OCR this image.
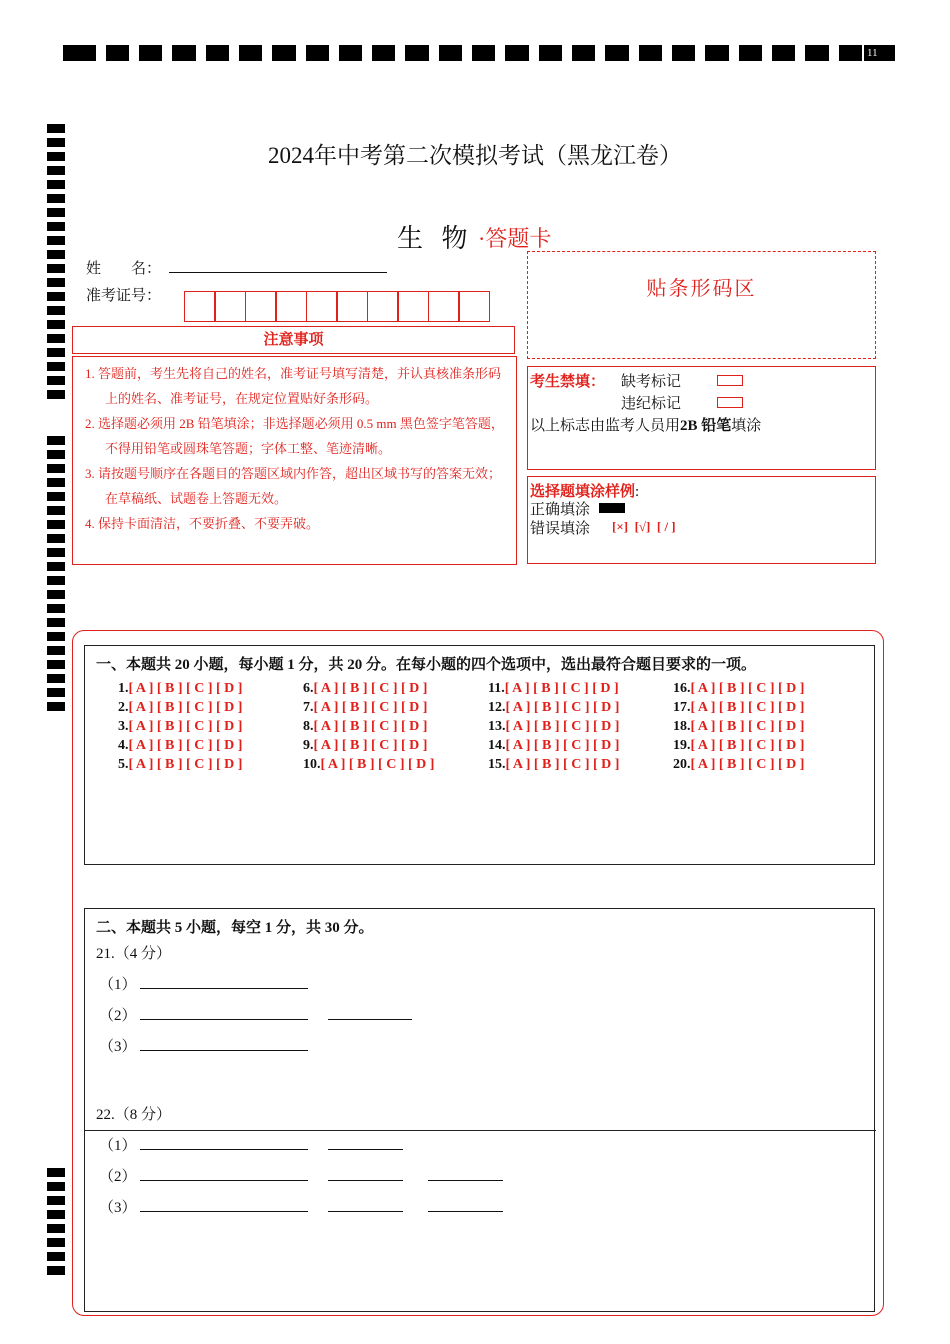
11
2024年中考第二次模拟考试（黑龙江卷）
生 物 ·答题卡
姓　　名：
准考证号：
注意事项

1. 答题前，考生先将自己的姓名，准考证号填写清楚，并认真核准条形码上的姓名、准考证号，在规定位置贴好条形码。

2. 选择题必须用 2B 铅笔填涂；非选择题必须用 0.5 mm 黑色签字笔答题，不得用铅笔或圆珠笔答题；字体工整、笔迹清晰。

3. 请按题号顺序在各题目的答题区域内作答，超出区域书写的答案无效；在草稿纸、试题卷上答题无效。

4. 保持卡面清洁，不要折叠、不要弄破。

贴条形码区
考生禁填： 缺考标记
违纪标记
以上标志由监考人员用2B 铅笔填涂
选择题填涂样例:
正确填涂
错误填涂 [×]  [√]  [ / ]
一、本题共 20 小题，每小题 1 分，共 20 分。在每小题的四个选项中，选出最符合题目要求的一项。
1.[ A ] [ B ] [ C ] [ D ]	6.[ A ] [ B ] [ C ] [ D ]	11.[ A ] [ B ] [ C ] [ D ]	16.[ A ] [ B ] [ C ] [ D ]
2.[ A ] [ B ] [ C ] [ D ]	7.[ A ] [ B ] [ C ] [ D ]	12.[ A ] [ B ] [ C ] [ D ]	17.[ A ] [ B ] [ C ] [ D ]
3.[ A ] [ B ] [ C ] [ D ]	8.[ A ] [ B ] [ C ] [ D ]	13.[ A ] [ B ] [ C ] [ D ]	18.[ A ] [ B ] [ C ] [ D ]
4.[ A ] [ B ] [ C ] [ D ]	9.[ A ] [ B ] [ C ] [ D ]	14.[ A ] [ B ] [ C ] [ D ]	19.[ A ] [ B ] [ C ] [ D ]
5.[ A ] [ B ] [ C ] [ D ]	10.[ A ] [ B ] [ C ] [ D ]	15.[ A ] [ B ] [ C ] [ D ]	20.[ A ] [ B ] [ C ] [ D ]
二、本题共 5 小题，每空 1 分，共 30 分。
21.（4 分）
（1）
（2）
（3）
22.（8 分）
（1）
（2）
（3）
